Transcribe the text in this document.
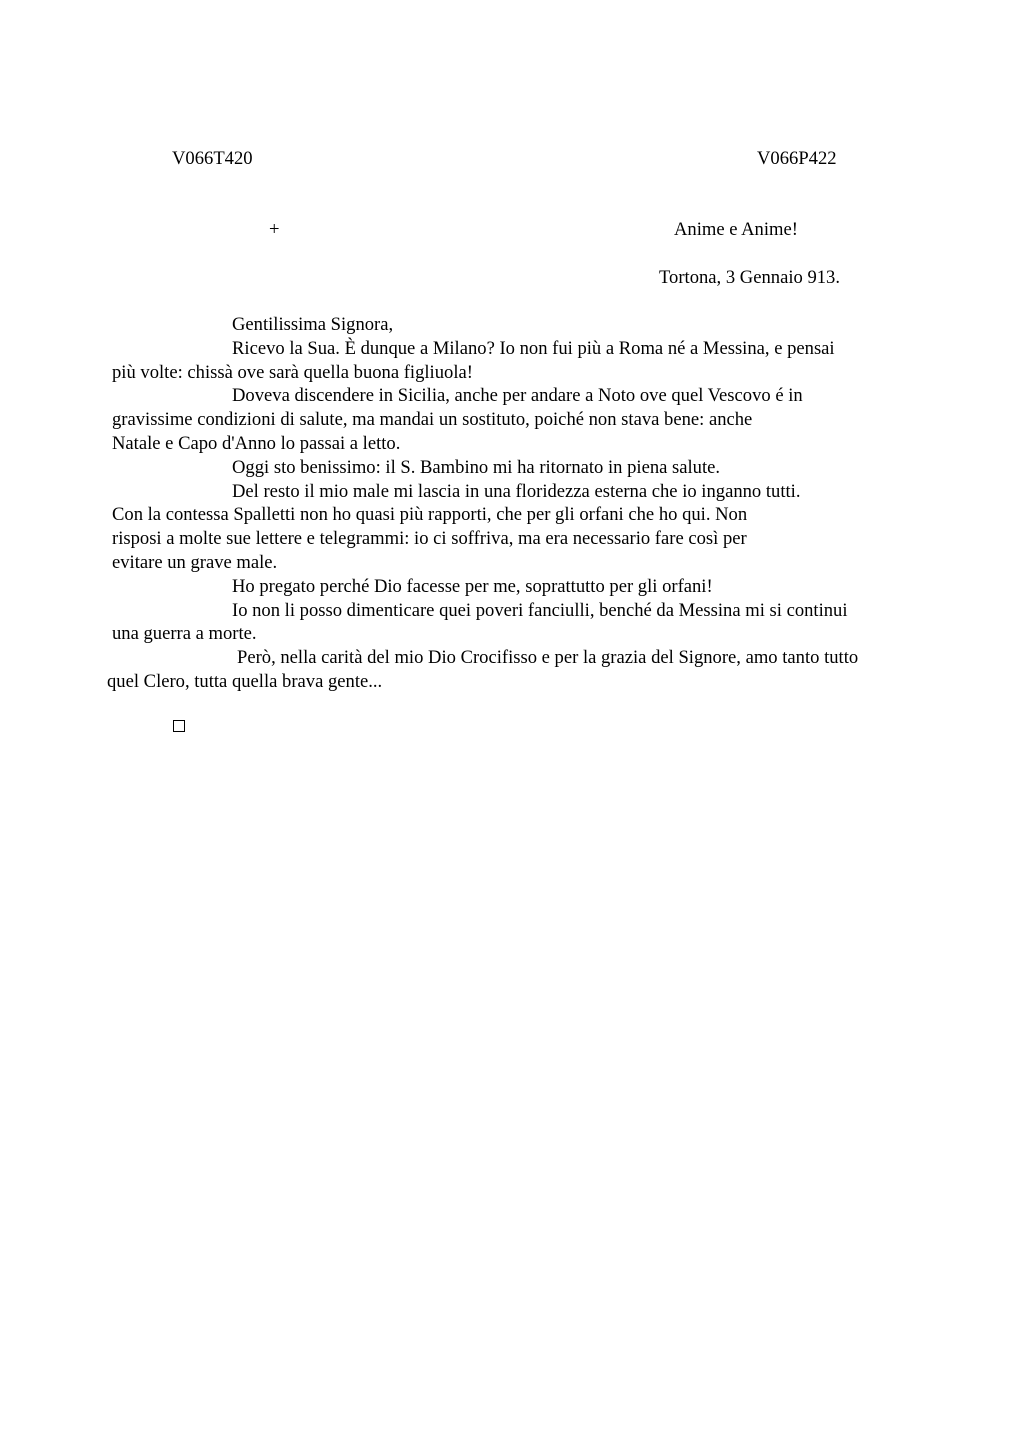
V066T420	V066P422
+	Anime e Anime!
Tortona, 3 Gennaio 913.

Gentilissima Signora,

Ricevo la Sua. È dunque a Milano? Io non fui più a Roma né a Messina, e pensai
più volte: chissà ove sarà quella buona figliuola!

Doveva discendere in Sicilia, anche per andare a Noto ove quel Vescovo é in
gravissime condizioni di salute, ma mandai un sostituto, poiché non stava bene: anche
Natale e Capo d'Anno lo passai a letto.

Oggi sto benissimo: il S. Bambino mi ha ritornato in piena salute.

Del resto il mio male mi lascia in una floridezza esterna che io inganno tutti.
Con la contessa Spalletti non ho quasi più rapporti, che per gli orfani che ho qui. Non
risposi a molte sue lettere e telegrammi: io ci soffriva, ma era necessario fare così per
evitare un grave male.

Ho pregato perché Dio facesse per me, soprattutto per gli orfani!

Io non li posso dimenticare quei poveri fanciulli, benché da Messina mi si continui
una guerra a morte.

Però, nella carità del mio Dio Crocifisso e per la grazia del Signore, amo tanto tutto
quel Clero, tutta quella brava gente...
